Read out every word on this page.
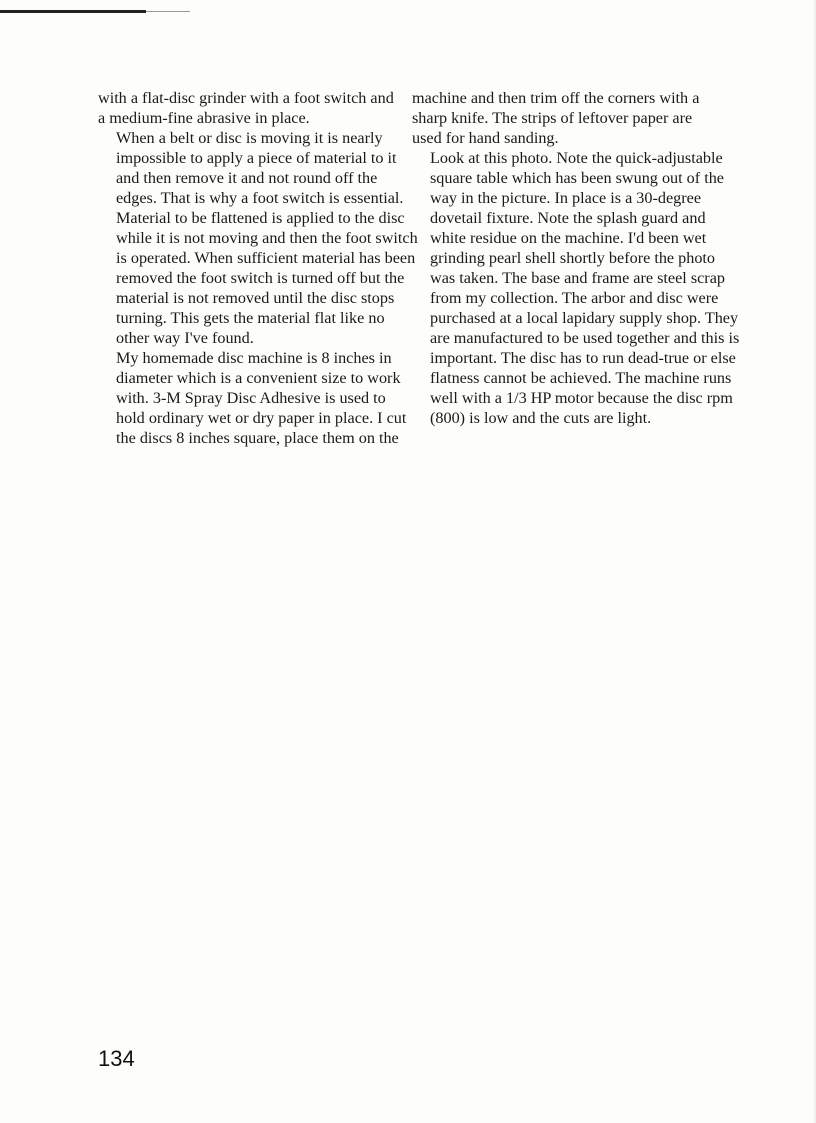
with a flat-disc grinder with a foot switch and
a medium-fine abrasive in place.

When a belt or disc is moving it is nearly
impossible to apply a piece of material to it
and then remove it and not round off the
edges. That is why a foot switch is essential.
Material to be flattened is applied to the disc
while it is not moving and then the foot switch
is operated. When sufficient material has been
removed the foot switch is turned off but the
material is not removed until the disc stops
turning. This gets the material flat like no
other way I've found.

My homemade disc machine is 8 inches in
diameter which is a convenient size to work
with. 3-M Spray Disc Adhesive is used to
hold ordinary wet or dry paper in place. I cut
the discs 8 inches square, place them on the

machine and then trim off the corners with a
sharp knife. The strips of leftover paper are
used for hand sanding.

Look at this photo. Note the quick-adjustable
square table which has been swung out of the
way in the picture. In place is a 30-degree
dovetail fixture. Note the splash guard and
white residue on the machine. I'd been wet
grinding pearl shell shortly before the photo
was taken. The base and frame are steel scrap
from my collection. The arbor and disc were
purchased at a local lapidary supply shop. They
are manufactured to be used together and this is
important. The disc has to run dead-true or else
flatness cannot be achieved. The machine runs
well with a 1/3 HP motor because the disc rpm
(800) is low and the cuts are light.

134
